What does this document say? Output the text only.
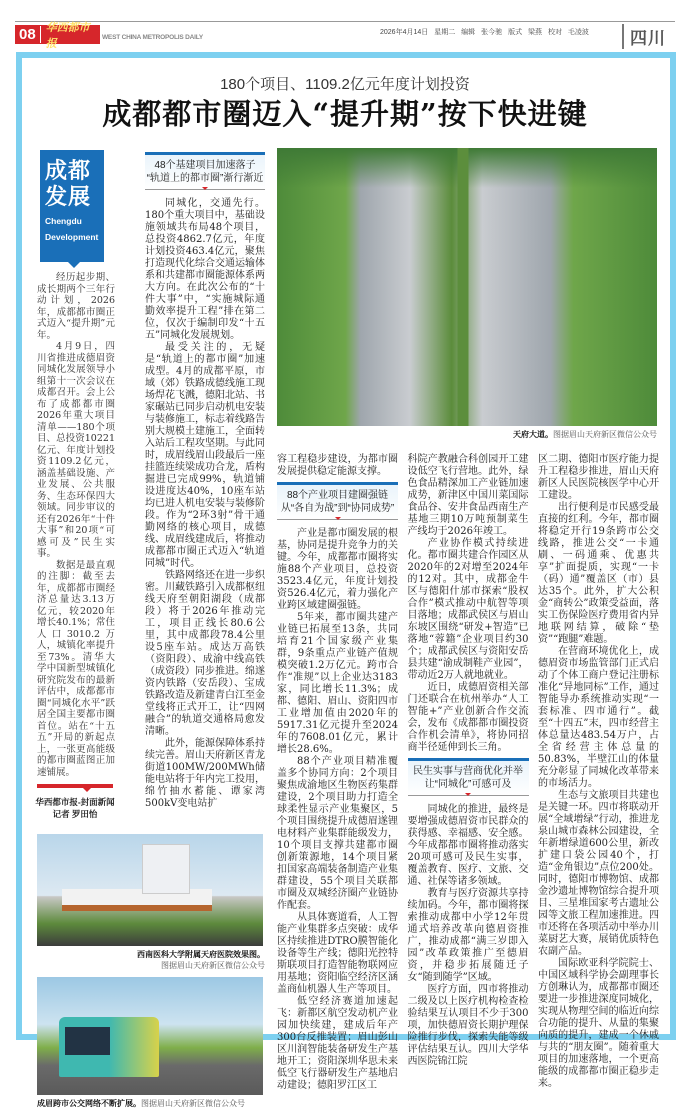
08 华西都市报	WEST CHINA METROPOLIS DAILY
2026年4月14日 星期二 编辑 张今驰 版式 梁燕 校对 毛凌波	四川
180个项目、1109.2亿元年度计划投资
成都都市圈迈入“提升期”按下快进键
成都
发展
Chengdu
Development

经历起步期、成长期两个三年行动计划，2026年，成都都市圈正式迈入“提升期”元年。

4月9日，四川省推进成德眉资同城化发展领导小组第十一次会议在成都召开。会上公布了成都都市圈2026年重大项目清单——180个项目、总投资10221亿元、年度计划投资1109.2亿元，涵盖基础设施、产业发展、公共服务、生态环保四大领域。同步审议的还有2026年“十件大事”和20项“可感可及”民生实事。

数据是最直观的注脚：截至去年，成都都市圈经济总量达3.13万亿元，较2020年增长40.1%；常住人口3010.2万人，城镇化率提升至73%。清华大学中国新型城镇化研究院发布的最新评估中，成都都市圈“同城化水平”跃居全国主要都市圈首位。站在“十五五”开局的新起点上，一张更高能级的都市圈蓝图正加速铺展。

华西都市报-封面新闻
记者 罗田怡
48个基建项目加速落子
“轨道上的都市圈”渐行渐近

同城化，交通先行。180个重大项目中，基础设施领域共布局48个项目，总投资4862.7亿元，年度计划投资463.4亿元，聚焦打造现代化综合交通运输体系和共建都市圈能源体系两大方向。在此次公布的“十件大事”中，“实施城际通勤效率提升工程”排在第二位，仅次于编制印发“十五五”同城化发展规划。

最受关注的，无疑是“轨道上的都市圈”加速成型。4月的成都平原，市域（郊）铁路成德线施工现场焊花飞溅，德阳北站、书家碾站已同步启动机电安装与装修施工，标志着线路告别大规模土建施工，全面转入站后工程攻坚期。与此同时，成眉线眉山段最后一座挂篮连续梁成功合龙，盾构掘进已完成99%，轨道铺设进度达40%，10座车站均已进人机电安装与装修阶段。作为“2环3射”骨干通勤网络的核心项目，成德线、成眉线建成后，将推动成都都市圈正式迈入“轨道同城”时代。

铁路网络还在进一步织密。川藏铁路引入成都枢纽线天府至朝阳湖段（成都段）将于2026年推动完工，项目正线长80.6公里，其中成都段78.4公里设5座车站。成达万高铁（资阳段）、成渝中线高铁（成资段）同步推进。绵遂资内铁路（安岳段）、宝成铁路改造及新建青白江至金堂线将正式开工，让“四网融合”的轨道交通格局愈发清晰。

此外，能源保障体系持续完善。眉山天府新区青龙街道100MW/200MWh储能电站将于年内完工投用，绵竹抽水蓄能、谭家湾500kV变电站扩

西南医科大学附属天府医院效果图。
图据眉山天府新区微信公众号
成眉跨市公交网络不断扩展。图据眉山天府新区微信公众号
天府大道。图据眉山天府新区微信公众号

容工程稳步建设，为都市圈发展提供稳定能源支撑。

88个产业项目建圈强链
从“各自为战”到“协同成势”

产业是都市圈发展的根基，协同是提升竞争力的关键。今年，成都都市圈将实施88个产业项目，总投资3523.4亿元，年度计划投资526.4亿元，着力强化产业跨区域建圈强链。

5年来，都市圈共建产业链已拓展至13条，共同培育21个国家级产业集群，9条重点产业链产值规模突破1.2万亿元。跨市合作“准规”以上企业达3183家，同比增长11.3%；成都、德阳、眉山、资阳四市工业增加值由2020年的5917.31亿元提升至2024年的7608.01亿元，累计增长28.6%。

88个产业项目精准覆盖多个协同方向：2个项目聚焦成渝地区生物医药集群建设，2个项目助力打造全球柔性显示产业集聚区，5个项目围绕提升成德眉遂锂电材料产业集群能级发力，10个项目支撑共建都市圈创新策源地，14个项目紧扣国家高端装备制造产业集群建设，55个项目关联都市圈及双城经济圈产业链协作配套。

从具体赛道看，人工智能产业集群多点突破：成华区持续推进DTRO膜智能化设备等生产线；德阳光控特斯联项目打造智能物联网应用基地；资阳临空经济区涵盖商仙机器人生产等项目。

低空经济赛道加速起飞：新都区航空发动机产业园加快续建，建成后年产300台反推装置；眉山彭山区川润智能装备研发生产基地开工；资阳深圳华思未来低空飞行器研发生产基地启动建设；德阳罗江区工

科院产教融合科创园开工建设低空飞行营地。此外，绿色食品精深加工产业链加速成势，新津区中国川菜国际食品谷、安井食品西南生产基地三期10万吨预制菜生产线均于2026年竣工。

产业协作模式持续进化。都市圈共建合作园区从2020年的2对增至2024年的12对。其中，成都金牛区与德阳什邡市探索“股权合作”模式推动中航智等项目落地；成都武侯区与眉山东坡区围绕“研发+智造”已落地“蓉籍”企业项目约30个；成都武侯区与资阳安岳县共建“渝成制鞋产业园”，带动近2万人就地就业。

近日，成德眉资相关部门还联合在杭州举办“人工智能+”产业创新合作交流会，发布《成都都市圈投资合作机会清单》，将协同招商半径延伸到长三角。

民生实事与营商优化并举
让“同城化”可感可及

同城化的推进，最终是要增强成德眉资市民群众的获得感、幸福感、安全感。今年成都都市圈将推动落实20项可感可及民生实事，覆盖教育、医疗、文旅、交通、社保等诸多领域。

教育与医疗资源共享持续加码。今年，都市圈将探索推动成都中小学12年贯通式培养改革向德眉资推广，推动成都“满三岁即入园”改革政策推广至德眉资，并稳步拓展随迁子女“随到随学”区域。

医疗方面，四市将推动二级及以上医疗机构检查检验结果互认项目不少于300项，加快德眉资长期护理保险推行步伐，探索失能等级评估结果互认。四川大学华西医院锦江院

区二期、德阳市医疗能力提升工程稳步推进，眉山天府新区人民医院核医学中心开工建设。

出行便利是市民感受最直接的红利。今年，都市圈将稳定开行19条跨市公交线路，推进公交“一卡通刷、一码通乘、优惠共享”扩面提质，实现“一卡（码）通”覆盖区（市）县达35个。此外，扩大公积金“商转公”政策受益面，落实工伤保险医疗费用省内异地联网结算，破除“垫资”“跑腿”难题。

在营商环境优化上，成德眉资市场监管部门正式启动了个体工商户登记注册标准化“异地同标”工作，通过智能导办系统推动实现“一套标准、四市通行”。截至“十四五”末，四市经营主体总量达483.54万户，占全省经营主体总量的50.83%，半壁江山的体量充分彰显了同城化改革带来的市场活力。

生态与文旅项目共建也是关键一环。四市将联动开展“全域增绿”行动，推进龙泉山城市森林公园建设，全年新增绿道600公里，新改扩建口袋公园40个，打造“金角银边”点位200处。同时，德阳市博物馆、成都金沙遗址博物馆综合提升项目、三星堆国家考古遗址公园等文旅工程加速推进。四市还将在各项活动中举办川菜厨艺大赛，展销优质特色农副产品。

国际欧亚科学院院士、中国区域科学协会副理事长方创琳认为，成都都市圈还要进一步推进深度同城化，实现从物理空间的临近向综合功能的提升、从量的集聚向质的提升，建成一个休戚与共的“朋友圈”。随着重大项目的加速落地，一个更高能级的成都都市圈正稳步走来。
